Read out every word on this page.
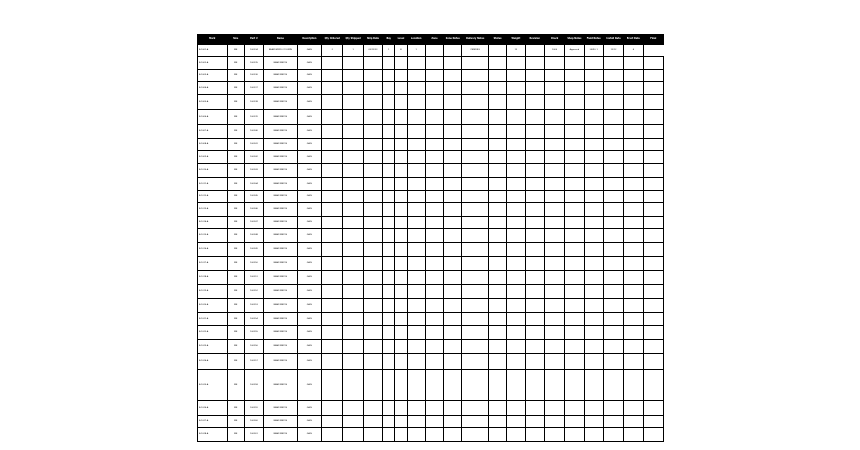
Mark	Size	Part #	Name	Description	Qty Ordered	Qty Shipped	Ship Date	Bay	Level	Location	Zone	Zone Notes	Delivery Notes	Status	Weight	Revision	Check	Shop Notes	Field Notes	Install Date	Erect Date	Final
B-1001-A	W8	100234	BEAM W8X10 COLUMN	GALV	2	1	05/12/23	1	B	1			PENDING		12		1000	Approved	LEVEL 1	12/12	4	
B-1002-A	W8	100235	BEAM W8X10	GALV																		
B-1003-A	W8	100236	BEAM W8X10	GALV																		
B-1004-A	W8	100237	BEAM W8X10	GALV																		
B-1005-A	W8	100238	BEAM W8X10	GALV																		
B-1006-A	W8	100239	BEAM W8X10	GALV																		
B-1007-A	W8	100240	BEAM W8X10	GALV																		
B-1008-A	W8	100241	BEAM W8X10	GALV																		
B-1009-A	W8	100242	BEAM W8X10	GALV																		
B-1010-A	W8	100243	BEAM W8X10	GALV																		
B-1011-A	W8	100244	BEAM W8X10	GALV																		
B-1012-A	W8	100245	BEAM W8X10	GALV																		
B-1013-A	W8	100246	BEAM W8X10	GALV																		
B-1014-A	W8	100247	BEAM W8X10	GALV																		
B-1015-A	W8	100248	BEAM W8X10	GALV																		
B-1016-A	W8	100249	BEAM W8X10	GALV																		
B-1017-A	W8	100250	BEAM W8X10	GALV																		
B-1018-A	W8	100251	BEAM W8X10	GALV																		
B-1019-A	W8	100252	BEAM W8X10	GALV																		
B-1020-A	W8	100253	BEAM W8X10	GALV																		
B-1021-A	W8	100254	BEAM W8X10	GALV																		
B-1022-A	W8	100255	BEAM W8X10	GALV																		
B-1023-A	W8	100256	BEAM W8X10	GALV																		
B-1024-A	W8	100257	BEAM W8X10	GALV																		
B-1025-A	W8	100258	BEAM W8X10	GALV																		
B-1026-A	W8	100259	BEAM W8X10	GALV																		
B-1027-A	W8	100260	BEAM W8X10	GALV																		
B-1028-A	W8	100261	BEAM W8X10	GALV																		
